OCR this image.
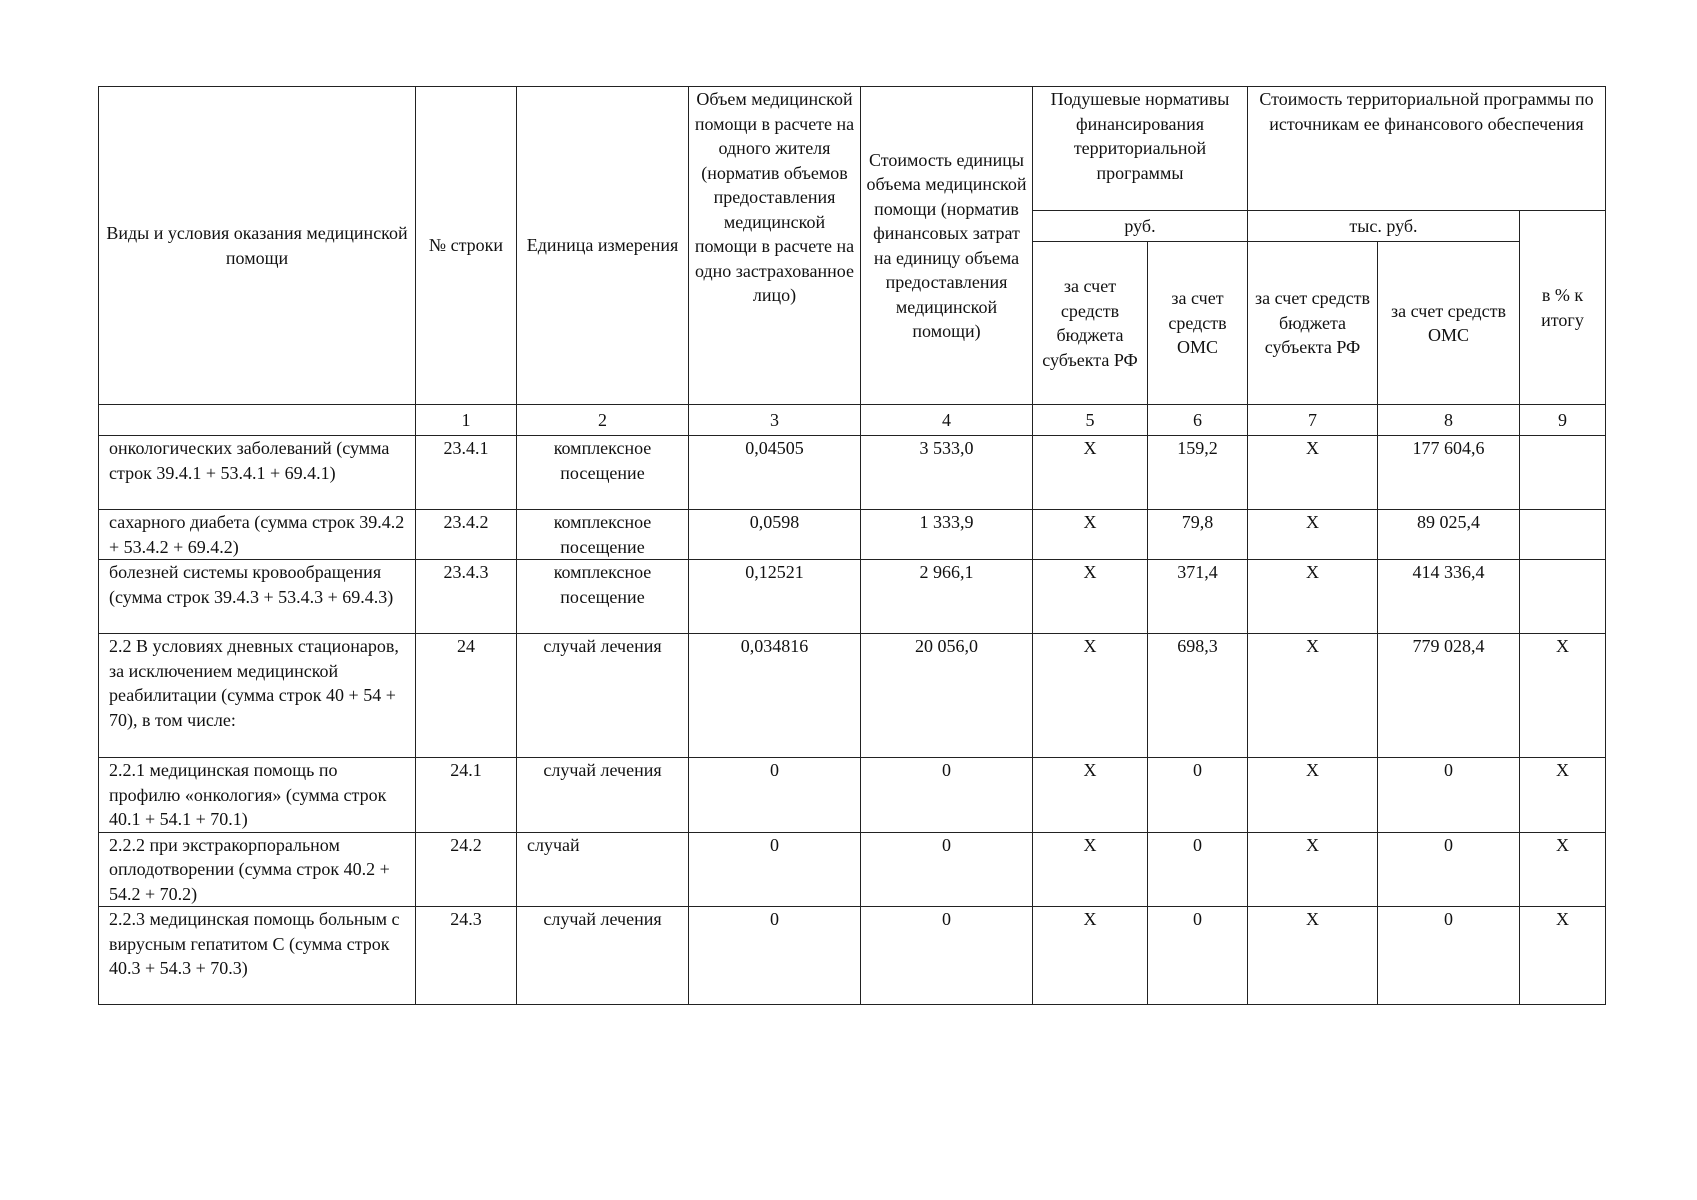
Виды и условия оказания медицинской помощи	№ строки	Единица измерения	Объем медицинской помощи в расчете на одного жителя (норматив объемов предоставления медицинской помощи в расчете на одно застрахованное лицо)	Стоимость единицы объема медицинской помощи (норматив финансовых затрат на единицу объема предоставления медицинской помощи)	Подушевые нормативы финансирования территориальной программы		Стоимость территориальной программы по источникам ее финансового обеспечения		
					руб.		тыс. руб.		в % к итогу
					за счет средств бюджета субъекта РФ	за счет средств ОМС	за счет средств бюджета субъекта РФ	за счет средств ОМС	
	1	2	3	4	5	6	7	8	9
онкологических заболеваний (сумма строк 39.4.1 + 53.4.1 + 69.4.1)	23.4.1	комплексное посещение	0,04505	3 533,0	Х	159,2	Х	177 604,6	
сахарного диабета (сумма строк 39.4.2 + 53.4.2 + 69.4.2)	23.4.2	комплексное посещение	0,0598	1 333,9	Х	79,8	Х	89 025,4	
болезней системы кровообращения (сумма строк 39.4.3 + 53.4.3 + 69.4.3)	23.4.3	комплексное посещение	0,12521	2 966,1	Х	371,4	Х	414 336,4	
2.2 В условиях дневных стационаров, за исключением медицинской реабилитации (сумма строк 40 + 54 + 70), в том числе:	24	случай лечения	0,034816	20 056,0	Х	698,3	Х	779 028,4	Х
2.2.1 медицинская помощь по профилю «онкология» (сумма строк 40.1 + 54.1 + 70.1)	24.1	случай лечения	0	0	Х	0	Х	0	Х
2.2.2 при экстракорпоральном оплодотворении (сумма строк 40.2 + 54.2 + 70.2)	24.2	случай	0	0	Х	0	Х	0	Х
2.2.3 медицинская помощь больным с вирусным гепатитом С (сумма строк 40.3 + 54.3 + 70.3)	24.3	случай лечения	0	0	Х	0	Х	0	Х
